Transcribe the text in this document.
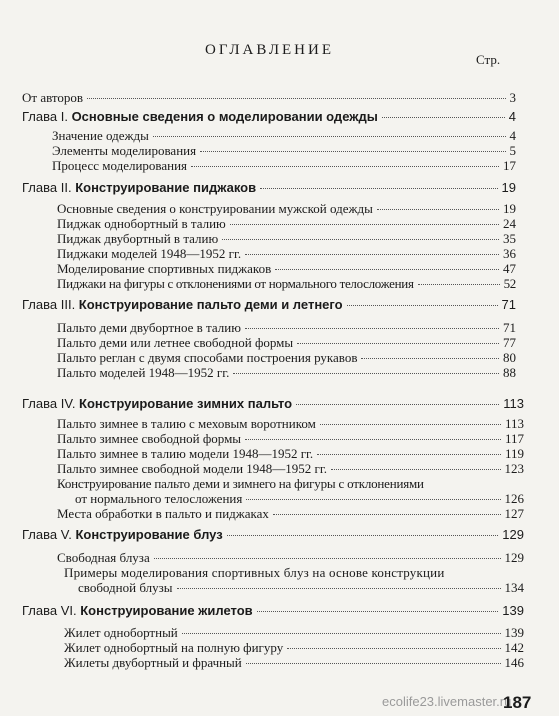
ОГЛАВЛЕНИЕ
Стр.
От авторов	3
Глава I. Основные сведения о моделировании одежды	4
Значение одежды	4
Элементы моделирования	5
Процесс моделирования	17
Глава II. Конструирование пиджаков	19
Основные сведения о конструировании мужской одежды	19
Пиджак однобортный в талию	24
Пиджак двубортный в талию	35
Пиджаки моделей 1948—1952 гг.	36
Моделирование спортивных пиджаков	47
Пиджаки на фигуры с отклонениями от нормального телосложения	52
Глава III. Конструирование пальто деми и летнего	71
Пальто деми двубортное в талию	71
Пальто деми или летнее свободной формы	77
Пальто реглан с двумя способами построения рукавов	80
Пальто моделей 1948—1952 гг.	88
Глава IV. Конструирование зимних пальто	113
Пальто зимнее в талию с меховым воротником	113
Пальто зимнее свободной формы	117
Пальто зимнее в талию модели 1948—1952 гг.	119
Пальто зимнее свободной модели 1948—1952 гг.	123
Конструирование пальто деми и зимнего на фигуры с отклонениями
от нормального телосложения	126
Места обработки в пальто и пиджаках	127
Глава V. Конструирование блуз	129
Свободная блуза	129
Примеры моделирования спортивных блуз на основе конструкции
свободной блузы	134
Глава VI. Конструирование жилетов	139
Жилет однобортный	139
Жилет однобортный на полную фигуру	142
Жилеты двубортный и фрачный	146
ecolife23.livemaster.ru
187
